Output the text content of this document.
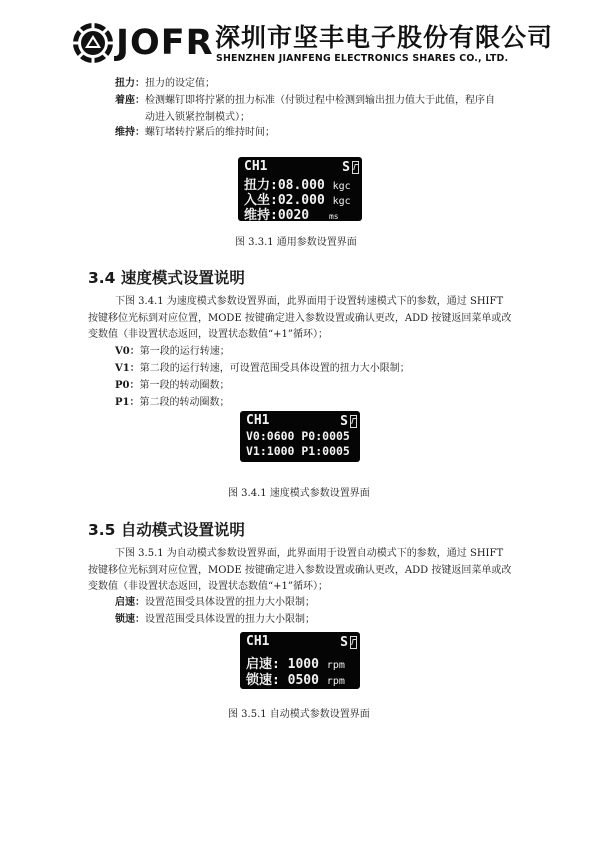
JOFR 深圳市坚丰电子股份有限公司
SHENZHEN JIANFENG ELECTRONICS SHARES CO., LTD.
扭力：扭力的设定值；
着座：检测螺钉即将拧紧的扭力标准（付锁过程中检测到输出扭力值大于此值，程序自
动进入锁紧控制模式）；
维持：螺钉堵转拧紧后的维持时间；
CH1	S
扭力:08.000 kgc
入坐:02.000 kgc
维持:0020 ms
图 3.3.1 通用参数设置界面
3.4 速度模式设置说明
下图 3.4.1 为速度模式参数设置界面，此界面用于设置转速模式下的参数，通过 SHIFT
按键移位光标到对应位置，MODE 按键确定进入参数设置或确认更改，ADD 按键返回菜单或改
变数值（非设置状态返回，设置状态数值“+1”循环）；
V0：第一段的运行转速；
V1：第二段的运行转速，可设置范围受具体设置的扭力大小限制；
P0：第一段的转动圈数；
P1：第二段的转动圈数；
CH1	S
V0:0600 P0:0005
V1:1000 P1:0005
图 3.4.1 速度模式参数设置界面
3.5 自动模式设置说明
下图 3.5.1 为自动模式参数设置界面，此界面用于设置自动模式下的参数，通过 SHIFT
按键移位光标到对应位置，MODE 按键确定进入参数设置或确认更改，ADD 按键返回菜单或改
变数值（非设置状态返回，设置状态数值“+1”循环）；
启速：设置范围受具体设置的扭力大小限制；
锁速：设置范围受具体设置的扭力大小限制；
CH1	S
启速: 1000 rpm
锁速: 0500 rpm
图 3.5.1 自动模式参数设置界面
